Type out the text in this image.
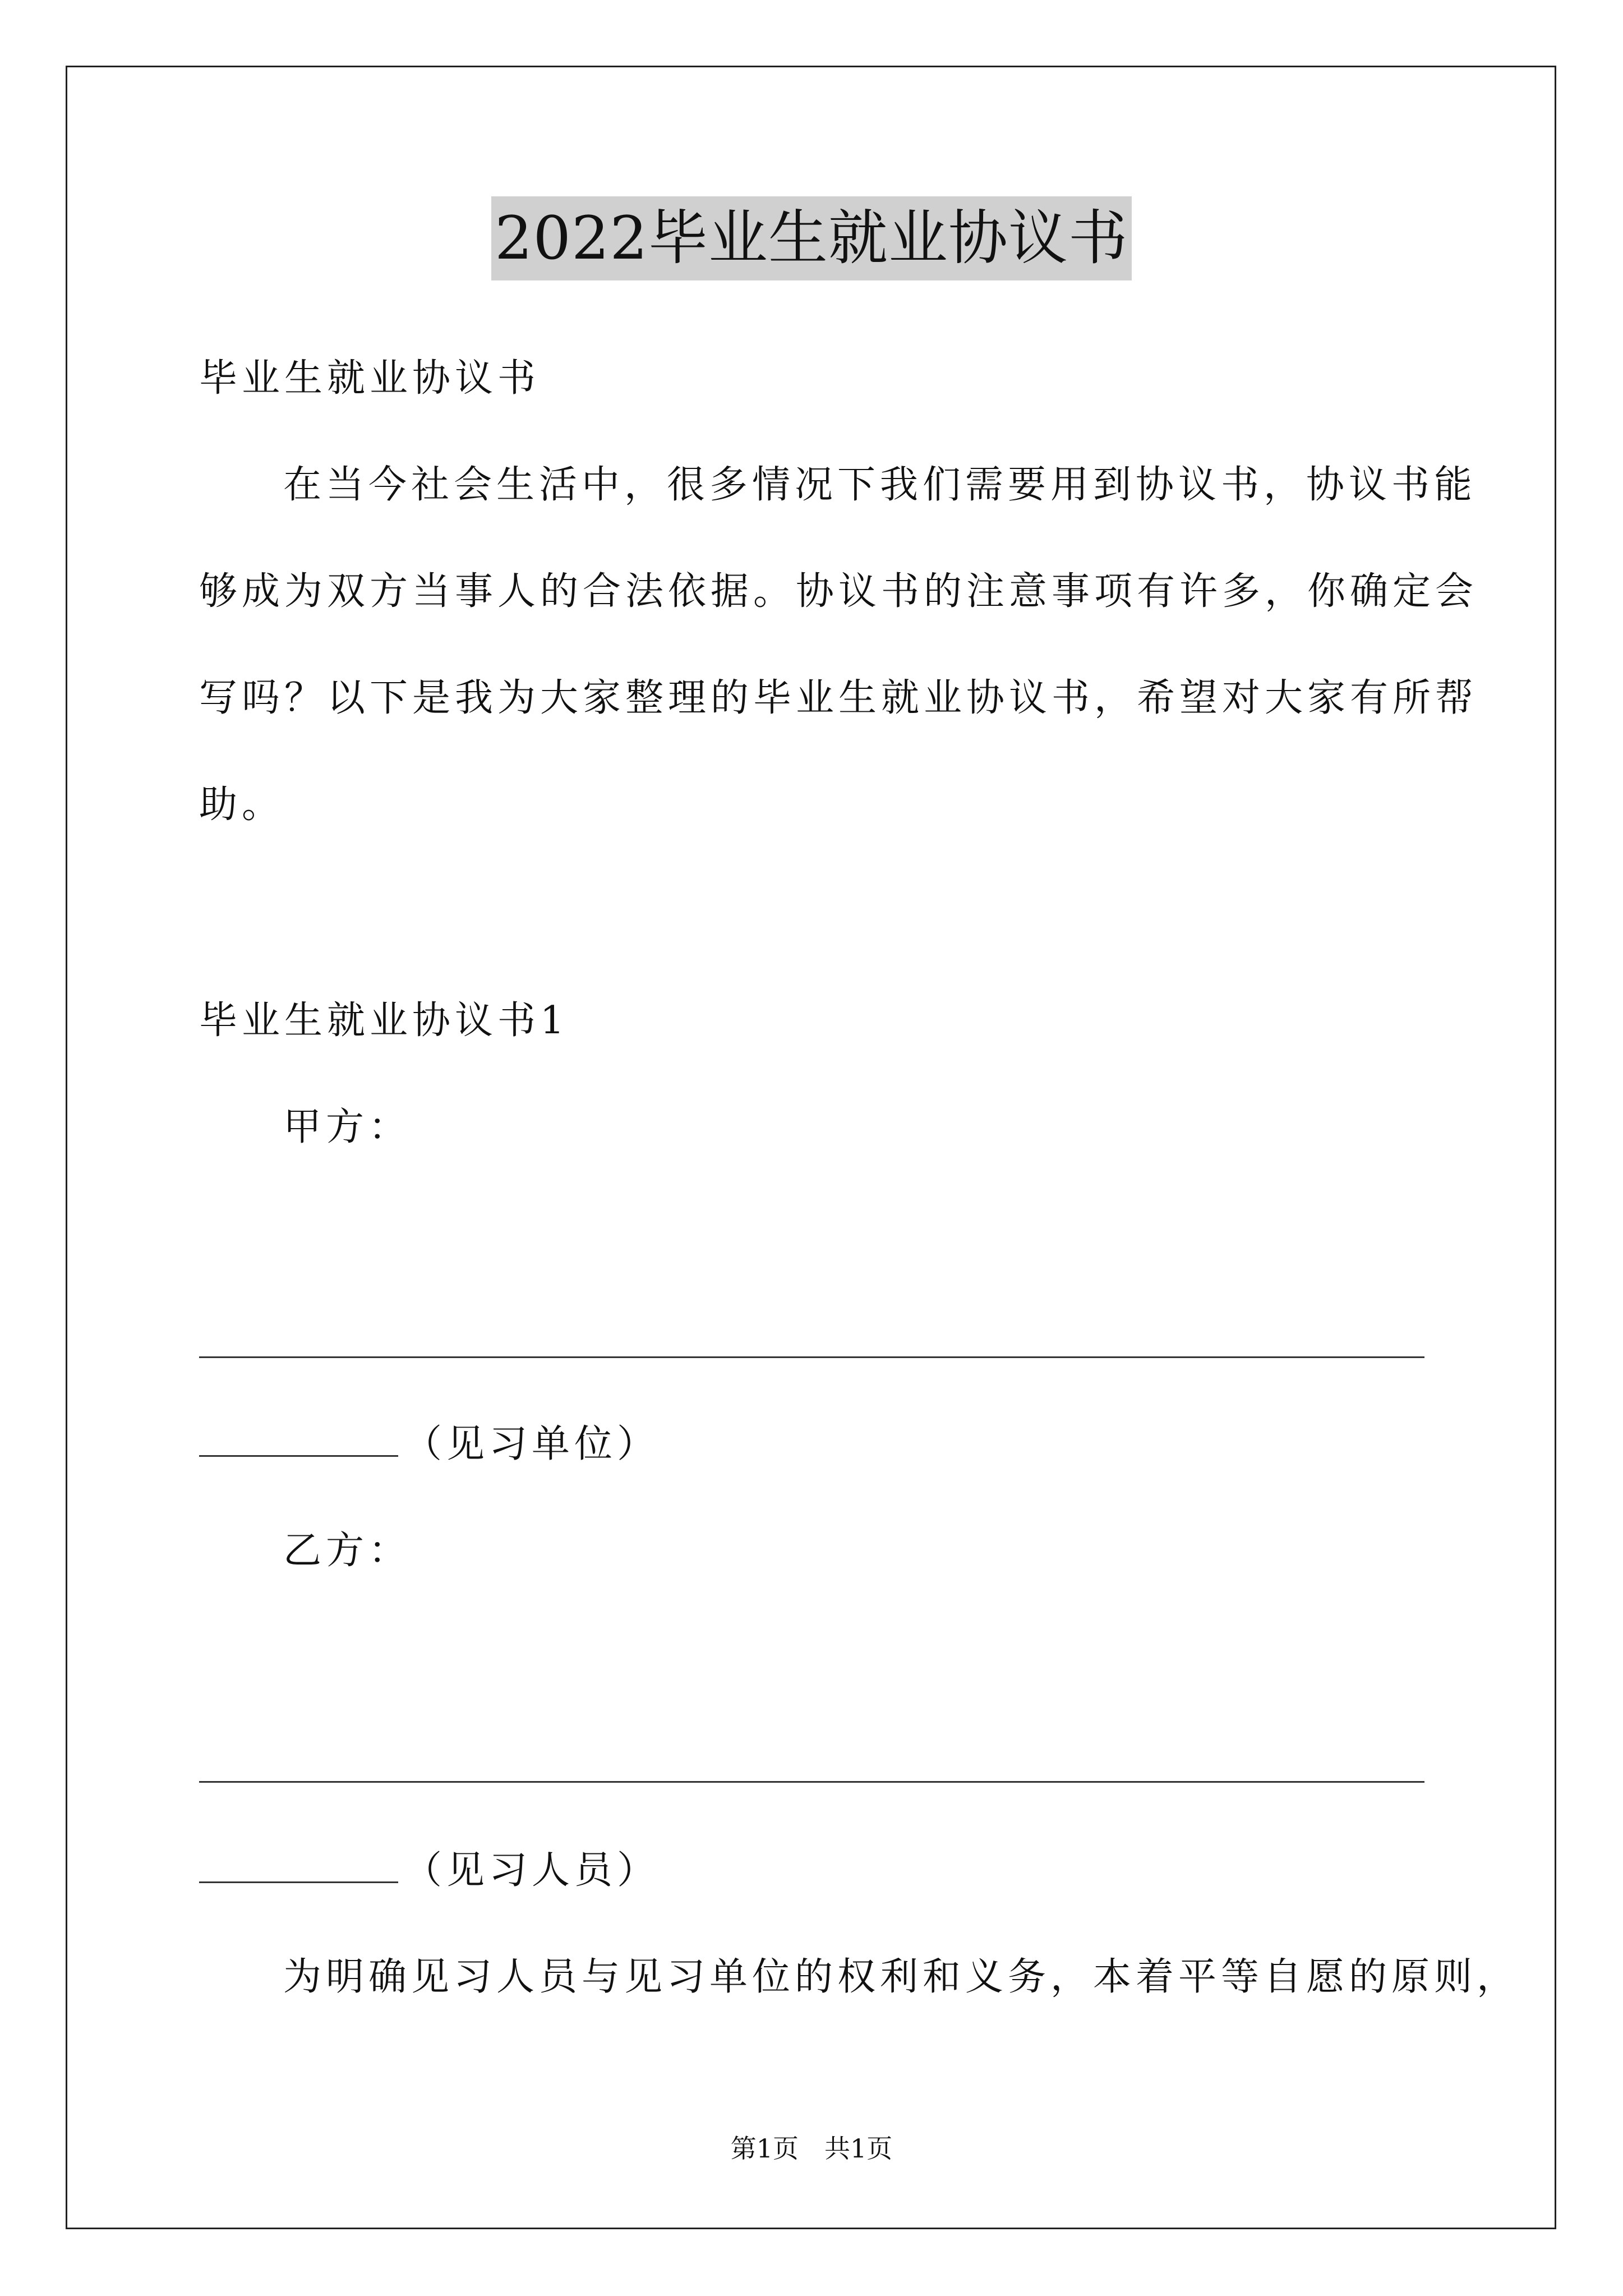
2022毕业生就业协议书
毕业生就业协议书
在当今社会生活中，很多情况下我们需要用到协议书，协议书能
够成为双方当事人的合法依据。协议书的注意事项有许多，你确定会
写吗？以下是我为大家整理的毕业生就业协议书，希望对大家有所帮
助。
毕业生就业协议书1
甲方：
（见习单位）
乙方：
（见习人员）
为明确见习人员与见习单位的权利和义务，本着平等自愿的原则，
第1页　共1页
